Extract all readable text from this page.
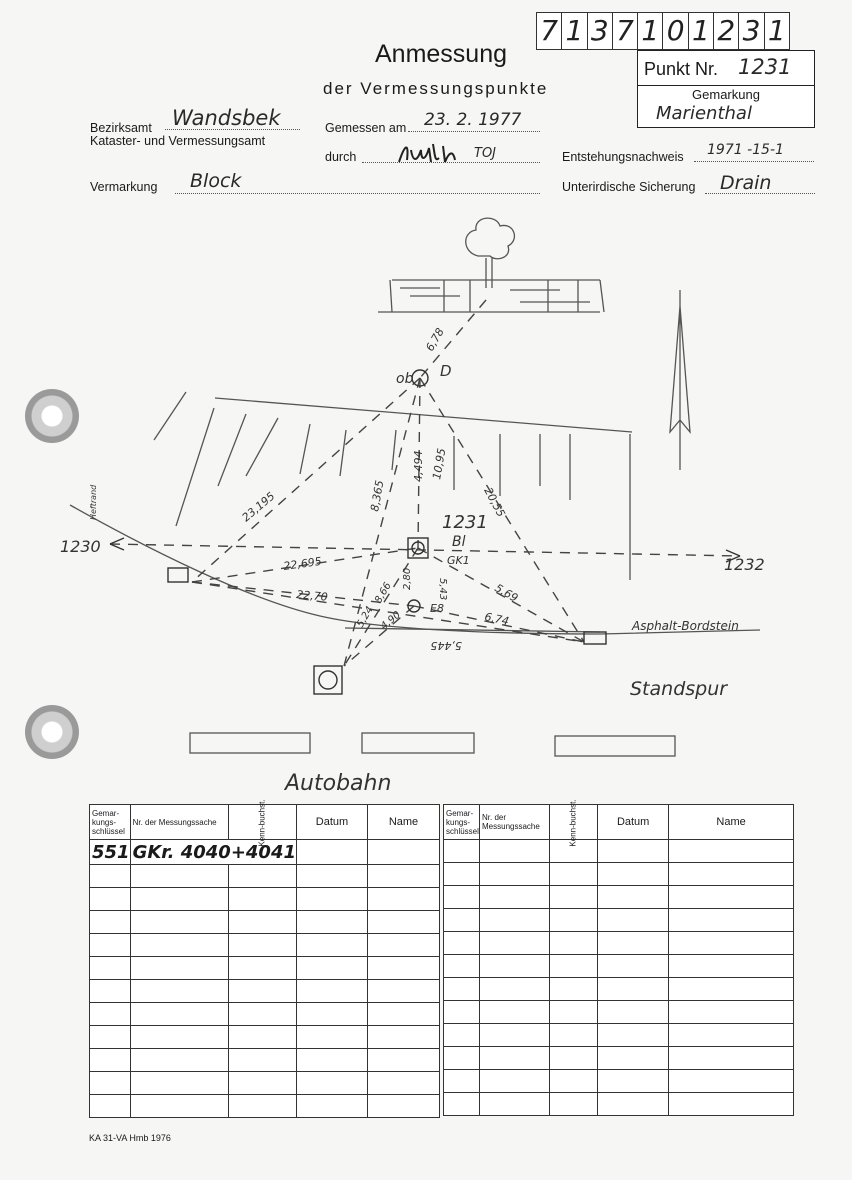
7 1 3 7 1 0 1 2 3 1
Anmessung
der Vermessungspunkte
Punkt Nr. 1231
Gemarkung
Marienthal
Bezirksamt Wandsbek
Kataster- und Vermessungsamt
Gemessen am 23. 2. 1977
durch	TOJ	Entstehungsnachweis 1971 -15-1
Vermarkung Block	Unterirdische Sicherung Drain
ob D
1231
Bl
1230
1232
E8
GK1
Heftrand
Asphalt-Bordstein
Standspur
Autobahn
6,78
23,195	8,365
4,494 10,95
20,55
22,695
22,70	8,66
2,80 5,43
5,24 4,90
5,69
6,74
5,445
Gemar-kungs-schlüssel	Nr. der Messungssache	Kenn-buchst.	Datum	Name
551	GKr. 4040+4041			

Gemar-kungs-schlüssel	Nr. der Messungssache	Kenn-buchst.	Datum	Name

KA 31-VA Hmb 1976
